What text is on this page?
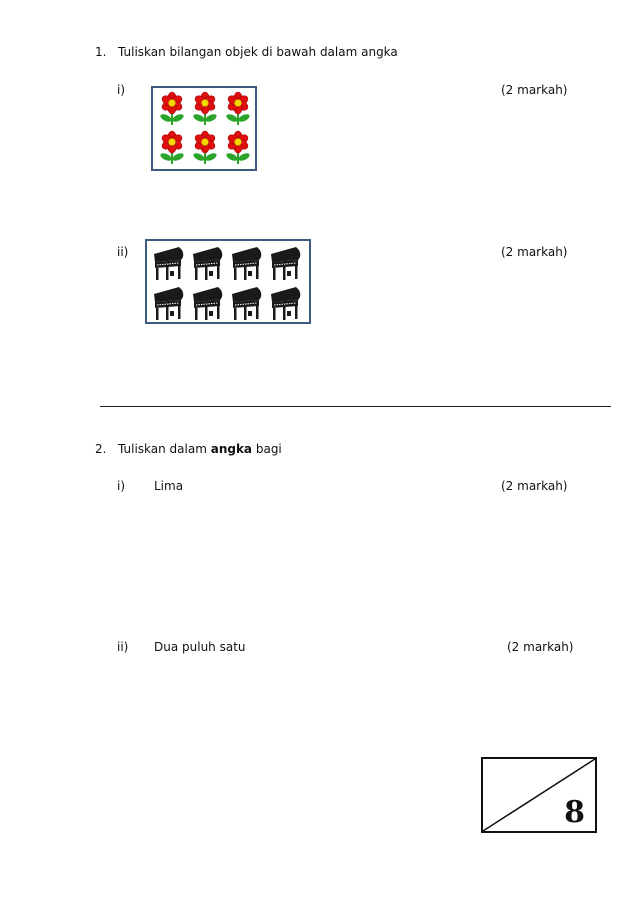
1. Tuliskan bilangan objek di bawah dalam angka
i)	(2 markah)
ii)	(2 markah)
2. Tuliskan dalam angka bagi
i) Lima	(2 markah)
ii) Dua puluh satu	(2 markah)
8
